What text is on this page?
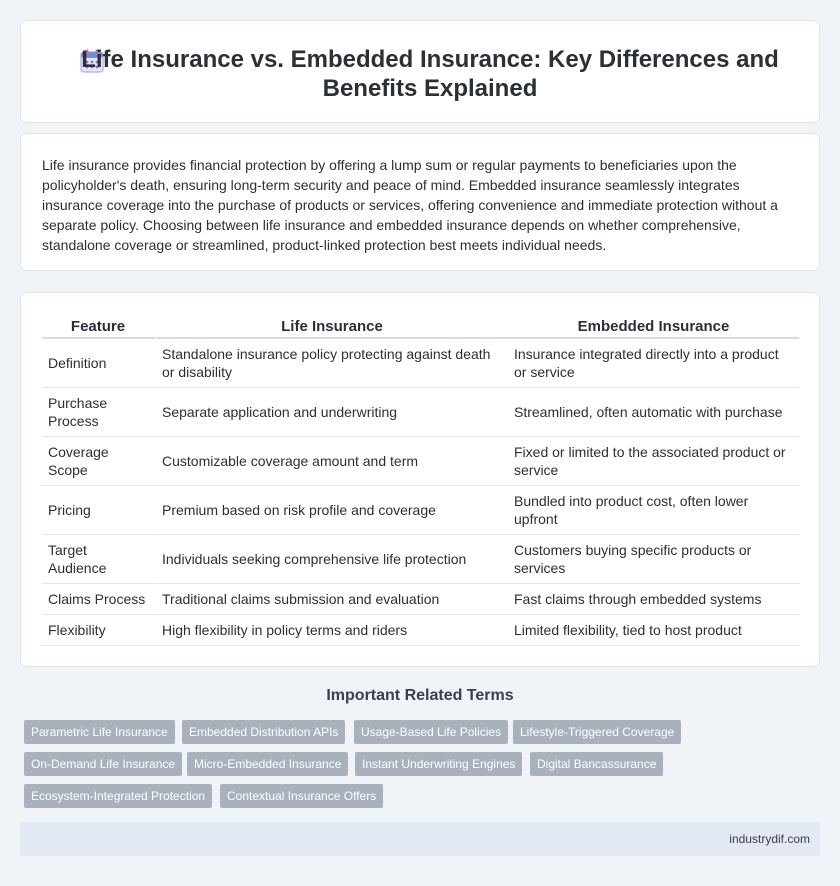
Life Insurance vs. Embedded Insurance: Key Differences and Benefits Explained

Life insurance provides financial protection by offering a lump sum or regular payments to beneficiaries upon the policyholder's death, ensuring long-term security and peace of mind. Embedded insurance seamlessly integrates insurance coverage into the purchase of products or services, offering convenience and immediate protection without a separate policy. Choosing between life insurance and embedded insurance depends on whether comprehensive, standalone coverage or streamlined, product-linked protection best meets individual needs.

Feature	Life Insurance	Embedded Insurance
Definition	Standalone insurance policy protecting against death or disability	Insurance integrated directly into a product or service
Purchase Process	Separate application and underwriting	Streamlined, often automatic with purchase
Coverage Scope	Customizable coverage amount and term	Fixed or limited to the associated product or service
Pricing	Premium based on risk profile and coverage	Bundled into product cost, often lower upfront
Target Audience	Individuals seeking comprehensive life protection	Customers buying specific products or services
Claims Process	Traditional claims submission and evaluation	Fast claims through embedded systems
Flexibility	High flexibility in policy terms and riders	Limited flexibility, tied to host product
Important Related Terms
Parametric Life Insurance	Embedded Distribution APIs	Usage-Based Life Policies	Lifestyle-Triggered Coverage
On-Demand Life Insurance	Micro-Embedded Insurance	Instant Underwriting Engines	Digital Bancassurance
Ecosystem-Integrated Protection	Contextual Insurance Offers
industrydif.com
